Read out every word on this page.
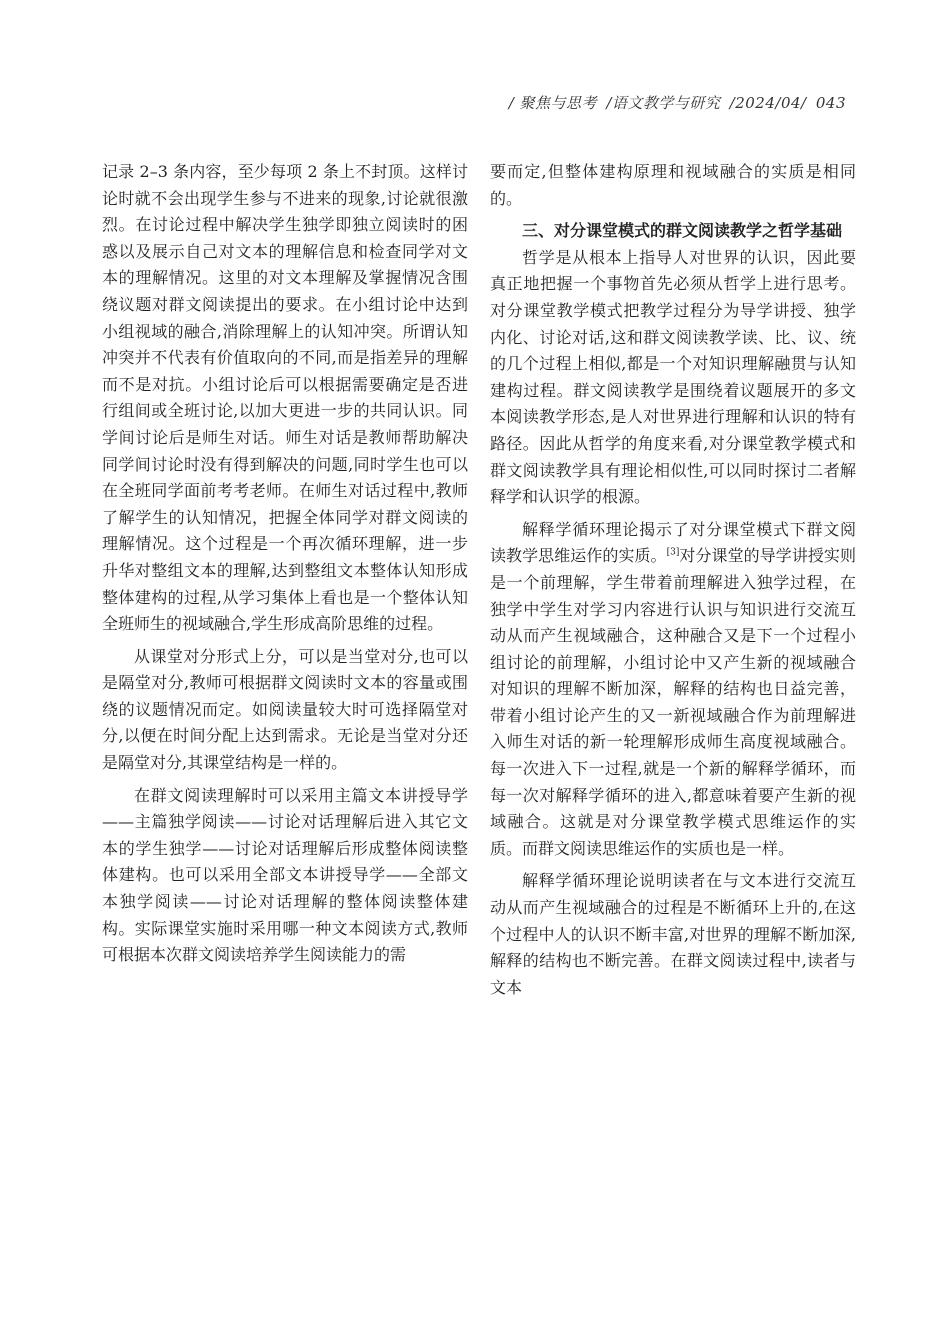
/ 聚焦与思考 /语文教学与研究 /2024/04/ 043

记录 2–3 条内容，至少每项 2 条上不封顶。这样讨论时就不会出现学生参与不进来的现象,讨论就很激烈。在讨论过程中解决学生独学即独立阅读时的困惑以及展示自己对文本的理解信息和检查同学对文本的理解情况。这里的对文本理解及掌握情况含围绕议题对群文阅读提出的要求。在小组讨论中达到小组视域的融合,消除理解上的认知冲突。所谓认知冲突并不代表有价值取向的不同,而是指差异的理解而不是对抗。小组讨论后可以根据需要确定是否进行组间或全班讨论,以加大更进一步的共同认识。同学间讨论后是师生对话。师生对话是教师帮助解决同学间讨论时没有得到解决的问题,同时学生也可以在全班同学面前考考老师。在师生对话过程中,教师了解学生的认知情况，把握全体同学对群文阅读的理解情况。这个过程是一个再次循环理解，进一步升华对整组文本的理解,达到整组文本整体认知形成整体建构的过程,从学习集体上看也是一个整体认知全班师生的视域融合,学生形成高阶思维的过程。

从课堂对分形式上分，可以是当堂对分,也可以是隔堂对分,教师可根据群文阅读时文本的容量或围绕的议题情况而定。如阅读量较大时可选择隔堂对分,以便在时间分配上达到需求。无论是当堂对分还是隔堂对分,其课堂结构是一样的。

在群文阅读理解时可以采用主篇文本讲授导学——主篇独学阅读——讨论对话理解后进入其它文本的学生独学——讨论对话理解后形成整体阅读整体建构。也可以采用全部文本讲授导学——全部文本独学阅读——讨论对话理解的整体阅读整体建构。实际课堂实施时采用哪一种文本阅读方式,教师可根据本次群文阅读培养学生阅读能力的需

要而定,但整体建构原理和视域融合的实质是相同的。

三、对分课堂模式的群文阅读教学之哲学基础

哲学是从根本上指导人对世界的认识，因此要真正地把握一个事物首先必须从哲学上进行思考。对分课堂教学模式把教学过程分为导学讲授、独学内化、讨论对话,这和群文阅读教学读、比、议、统的几个过程上相似,都是一个对知识理解融贯与认知建构过程。群文阅读教学是围绕着议题展开的多文本阅读教学形态,是人对世界进行理解和认识的特有路径。因此从哲学的角度来看,对分课堂教学模式和群文阅读教学具有理论相似性,可以同时探讨二者解释学和认识学的根源。

解释学循环理论揭示了对分课堂模式下群文阅读教学思维运作的实质。[3]对分课堂的导学讲授实则是一个前理解，学生带着前理解进入独学过程，在独学中学生对学习内容进行认识与知识进行交流互动从而产生视域融合，这种融合又是下一个过程小组讨论的前理解，小组讨论中又产生新的视域融合对知识的理解不断加深，解释的结构也日益完善，带着小组讨论产生的又一新视域融合作为前理解进入师生对话的新一轮理解形成师生高度视域融合。每一次进入下一过程,就是一个新的解释学循环，而每一次对解释学循环的进入,都意味着要产生新的视域融合。这就是对分课堂教学模式思维运作的实质。而群文阅读思维运作的实质也是一样。

解释学循环理论说明读者在与文本进行交流互动从而产生视域融合的过程是不断循环上升的,在这个过程中人的认识不断丰富,对世界的理解不断加深,解释的结构也不断完善。在群文阅读过程中,读者与文本
